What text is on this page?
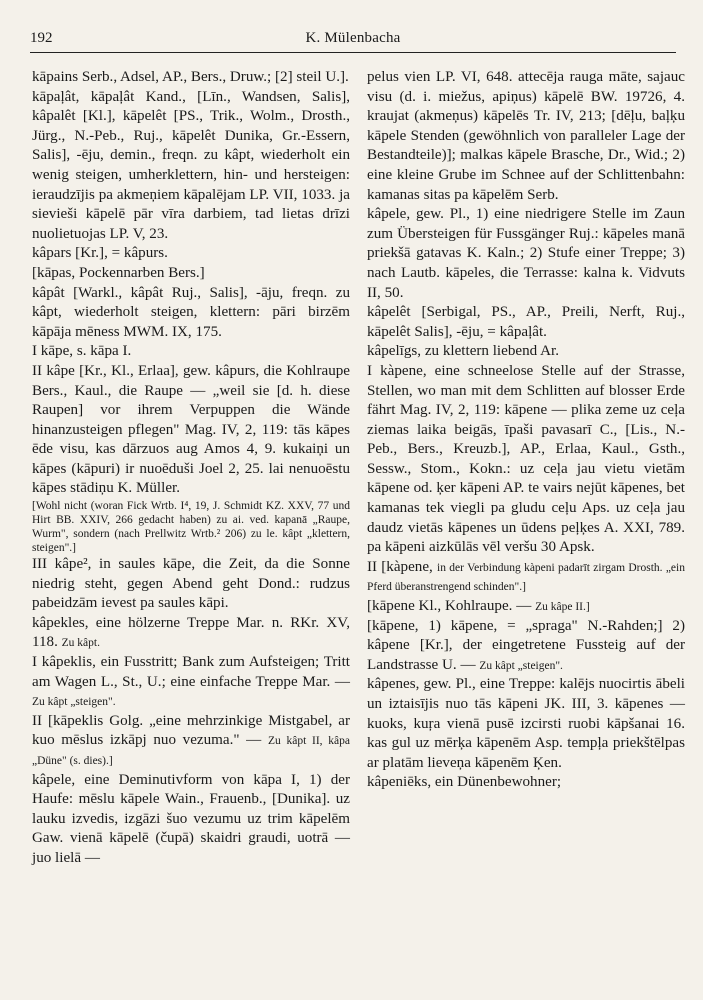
192	K. Mülenbacha

kāpains Serb., Adsel, AP., Bers., Druw.; [2] steil U.].

kāpaļât, kāpaļât Kand., [Līn., Wandsen, Salis], kâpalêt [Kl.], kāpelêt [PS., Trik., Wolm., Drosth., Jürg., N.-Peb., Ruj., kāpelêt Dunika, Gr.-Essern, Salis], -ēju, demin., freqn. zu kâpt, wiederholt ein wenig steigen, umherklettern, hin- und hersteigen: ieraudzījis pa akmeņiem kāpalējam LP. VII, 1033. ja sievieši kāpelē pār vīra darbiem, tad lietas drīzi nuolietuojas LP. V, 23.

kâpars [Kr.], = kâpurs.

[kāpas, Pockennarben Bers.]

kâpât [Warkl., kâpât Ruj., Salis], -āju, freqn. zu kâpt, wiederholt steigen, klettern: pāri birzēm kāpāja mēness MWM. IX, 175.

I kāpe, s. kāpa I.

II kâpe [Kr., Kl., Erlaa], gew. kâpurs, die Kohlraupe Bers., Kaul., die Raupe — „weil sie [d. h. diese Raupen] vor ihrem Verpuppen die Wände hinanzusteigen pflegen" Mag. IV, 2, 119: tās kāpes ēde visu, kas dārzuos aug Amos 4, 9. kukaiņi un kāpes (kāpuri) ir nuoēduši Joel 2, 25. lai nenuoēstu kāpes stādiņu K. Müller.

[Wohl nicht (woran Fick Wrtb. I⁴, 19, J. Schmidt KZ. XXV, 77 und Hirt BB. XXIV, 266 gedacht haben) zu ai. ved. kapanā „Raupe, Wurm", sondern (nach Prellwitz Wrtb.² 206) zu le. kâpt „klettern, steigen".]

III kâpe², in saules kāpe, die Zeit, da die Sonne niedrig steht, gegen Abend geht Dond.: rudzus pabeidzām ievest pa saules kāpi.

kâpekles, eine hölzerne Treppe Mar. n. RKr. XV, 118. Zu kâpt.

I kâpeklis, ein Fusstritt; Bank zum Aufsteigen; Tritt am Wagen L., St., U.; eine einfache Treppe Mar. — Zu kâpt „steigen".

II [kāpeklis Golg. „eine mehrzinkige Mistgabel, ar kuo mēslus izkāpj nuo vezuma." — Zu kâpt II, kâpa „Düne" (s. dies).]

kâpele, eine Deminutivform von kāpa I, 1) der Haufe: mēslu kāpele Wain., Frauenb., [Dunika]. uz lauku izvedis, izgāzi šuo vezumu uz trim kāpelēm Gaw. vienā kāpelē (čupā) skaidri graudi, uotrā — juo lielā —

pelus vien LP. VI, 648. attecēja rauga māte, sajauc visu (d. i. miežus, apiņus) kāpelē BW. 19726, 4. kraujat (akmeņus) kāpelēs Tr. IV, 213; [dēļu, baļķu kāpele Stenden (gewöhnlich von paralleler Lage der Bestandteile)]; malkas kāpele Brasche, Dr., Wid.; 2) eine kleine Grube im Schnee auf der Schlittenbahn: kamanas sitas pa kāpelēm Serb.

kâpele, gew. Pl., 1) eine niedrigere Stelle im Zaun zum Übersteigen für Fussgänger Ruj.: kāpeles manā priekšā gatavas K. Kaln.; 2) Stufe einer Treppe; 3) nach Lautb. kāpeles, die Terrasse: kalna k. Vidvuts II, 50.

kâpelêt [Serbigal, PS., AP., Preili, Nerft, Ruj., kāpelêt Salis], -ēju, = kâpaļât.

kâpelīgs, zu klettern liebend Ar.

I kàpene, eine schneelose Stelle auf der Strasse, Stellen, wo man mit dem Schlitten auf blosser Erde fährt Mag. IV, 2, 119: kāpene — plika zeme uz ceļa ziemas laika beigās, īpaši pavasarī C., [Lis., N.-Peb., Bers., Kreuzb.], AP., Erlaa, Kaul., Gsth., Sessw., Stom., Kokn.: uz ceļa jau vietu vietām kāpene od. ķer kāpeni AP. te vairs nejūt kāpenes, bet kamanas tek viegli pa gludu ceļu Aps. uz ceļa jau daudz vietās kāpenes un ūdens peļķes A. XXI, 789. pa kāpeni aizkūlās vēl veršu 30 Apsk.

II [kàpene, in der Verbindung kàpeni padarīt zirgam Drosth. „ein Pferd überanstrengend schinden".]

[kāpene Kl., Kohlraupe. — Zu kâpe II.]

[kāpene, 1) kāpene, = „spraga" N.-Rahden;] 2) kâpene [Kr.], der eingetretene Fussteig auf der Landstrasse U. — Zu kâpt „steigen".

kâpenes, gew. Pl., eine Treppe: kalējs nuocirtis ābeli un iztaisījis nuo tās kāpeni JK. III, 3. kāpenes — kuoks, kuŗa vienā pusē izcirsti ruobi kāpšanai 16. kas gul uz mērķa kāpenēm Asp. tempļa priekštēlpas ar platām lieveņa kāpenēm Ķen.

kâpeniēks, ein Dünenbewohner;
